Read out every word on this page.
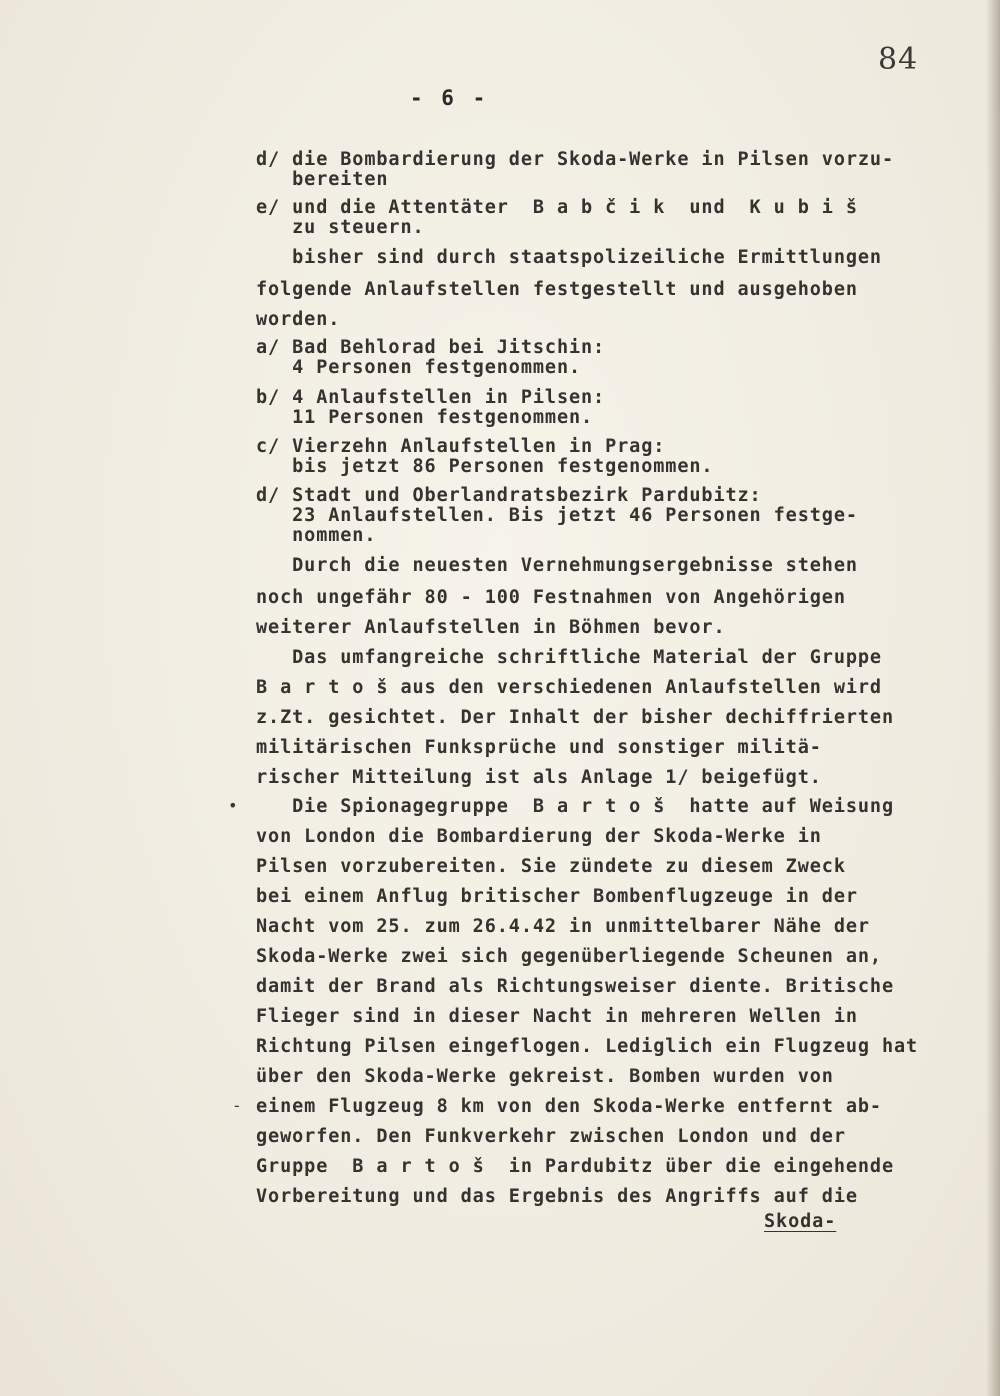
84
- 6 -
d/ die Bombardierung der Skoda-Werke in Pilsen vorzu-
bereiten
e/ und die Attentäter  B a b č i k  und  K u b i š
zu steuern.
bisher sind durch staatspolizeiliche Ermittlungen
folgende Anlaufstellen festgestellt und ausgehoben
worden.
a/ Bad Behlorad bei Jitschin:
4 Personen festgenommen.
b/ 4 Anlaufstellen in Pilsen:
11 Personen festgenommen.
c/ Vierzehn Anlaufstellen in Prag:
bis jetzt 86 Personen festgenommen.
d/ Stadt und Oberlandratsbezirk Pardubitz:
23 Anlaufstellen. Bis jetzt 46 Personen festge-
nommen.
Durch die neuesten Vernehmungsergebnisse stehen
noch ungefähr 80 - 100 Festnahmen von Angehörigen
weiterer Anlaufstellen in Böhmen bevor.
Das umfangreiche schriftliche Material der Gruppe
B a r t o š aus den verschiedenen Anlaufstellen wird
z.Zt. gesichtet. Der Inhalt der bisher dechiffrierten
militärischen Funksprüche und sonstiger militä-
rischer Mitteilung ist als Anlage 1/ beigefügt.
Die Spionagegruppe  B a r t o š  hatte auf Weisung
von London die Bombardierung der Skoda-Werke in
Pilsen vorzubereiten. Sie zündete zu diesem Zweck
bei einem Anflug britischer Bombenflugzeuge in der
Nacht vom 25. zum 26.4.42 in unmittelbarer Nähe der
Skoda-Werke zwei sich gegenüberliegende Scheunen an,
damit der Brand als Richtungsweiser diente. Britische
Flieger sind in dieser Nacht in mehreren Wellen in
Richtung Pilsen eingeflogen. Lediglich ein Flugzeug hat
über den Skoda-Werke gekreist. Bomben wurden von
einem Flugzeug 8 km von den Skoda-Werke entfernt ab-
geworfen. Den Funkverkehr zwischen London und der
Gruppe  B a r t o š  in Pardubitz über die eingehende
Vorbereitung und das Ergebnis des Angriffs auf die
Skoda-
•
-
